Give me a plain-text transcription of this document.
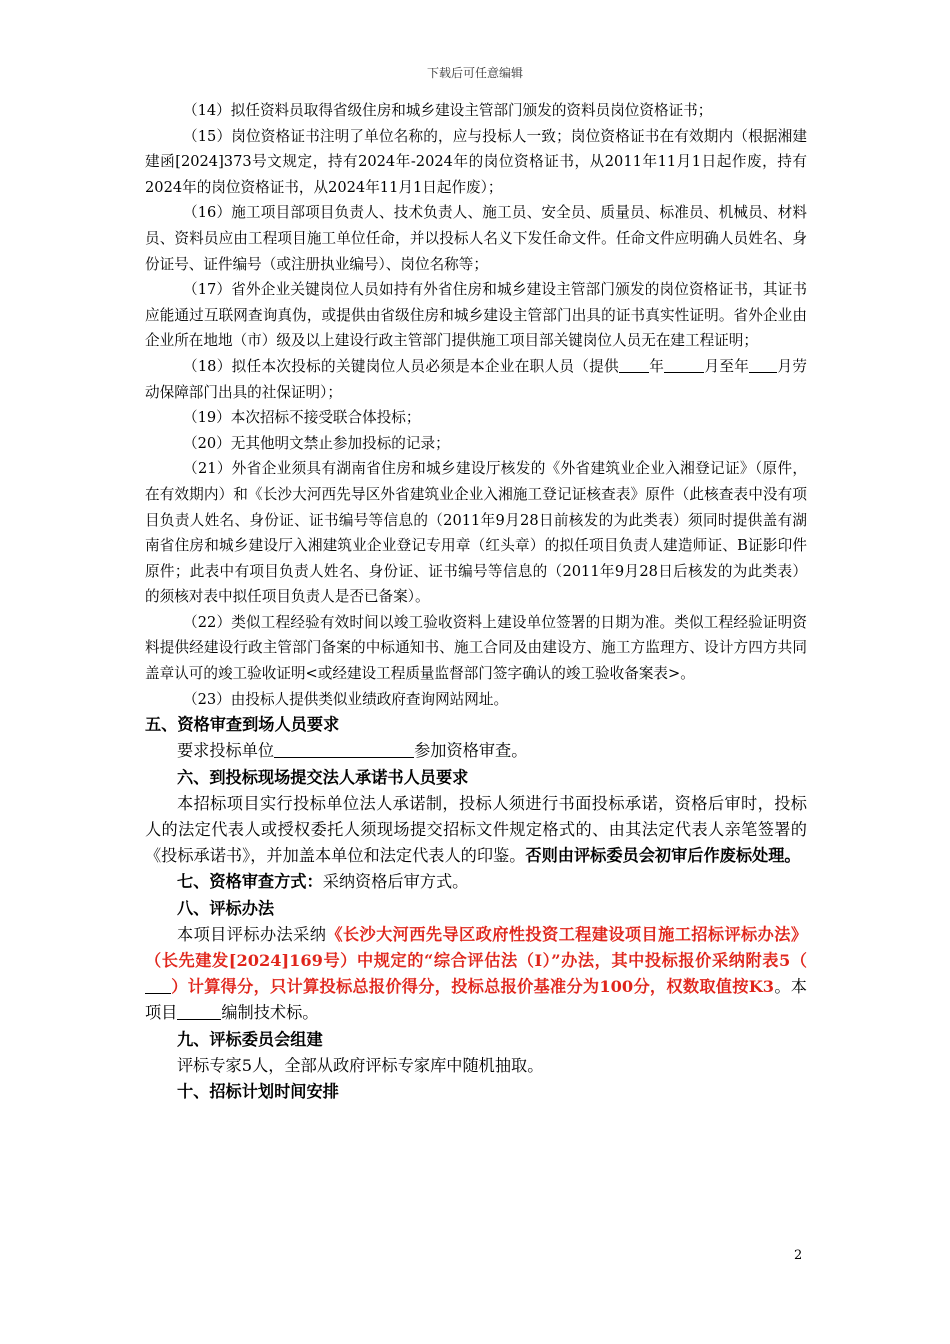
下载后可任意编辑

（14）拟任资料员取得省级住房和城乡建设主管部门颁发的资料员岗位资格证书；

（15）岗位资格证书注明了单位名称的，应与投标人一致；岗位资格证书在有效期内（根据湘建建函[2024]373号文规定，持有2024年-2024年的岗位资格证书，从2011年11月1日起作废，持有2024年的岗位资格证书，从2024年11月1日起作废）；

（16）施工项目部项目负责人、技术负责人、施工员、安全员、质量员、标准员、机械员、材料员、资料员应由工程项目施工单位任命，并以投标人名义下发任命文件。任命文件应明确人员姓名、身份证号、证件编号（或注册执业编号）、岗位名称等；

（17）省外企业关键岗位人员如持有外省住房和城乡建设主管部门颁发的岗位资格证书，其证书应能通过互联网查询真伪，或提供由省级住房和城乡建设主管部门出具的证书真实性证明。省外企业由企业所在地地（市）级及以上建设行政主管部门提供施工项目部关键岗位人员无在建工程证明；

（18）拟任本次投标的关键岗位人员必须是本企业在职人员（提供 年	月至年 月劳动保障部门出具的社保证明）；

（19）本次招标不接受联合体投标；

（20）无其他明文禁止参加投标的记录；

（21）外省企业须具有湖南省住房和城乡建设厅核发的《外省建筑业企业入湘登记证》（原件，在有效期内）和《长沙大河西先导区外省建筑业企业入湘施工登记证核查表》原件（此核查表中没有项目负责人姓名、身份证、证书编号等信息的（2011年9月28日前核发的为此类表）须同时提供盖有湖南省住房和城乡建设厅入湘建筑业企业登记专用章（红头章）的拟任项目负责人建造师证、B证影印件原件；此表中有项目负责人姓名、身份证、证书编号等信息的（2011年9月28日后核发的为此类表）的须核对表中拟任项目负责人是否已备案）。

（22）类似工程经验有效时间以竣工验收资料上建设单位签署的日期为准。类似工程经验证明资料提供经建设行政主管部门备案的中标通知书、施工合同及由建设方、施工方监理方、设计方四方共同盖章认可的竣工验收证明<或经建设工程质量监督部门签字确认的竣工验收备案表>。

（23）由投标人提供类似业绩政府查询网站网址。

五、资格审查到场人员要求

要求投标单位	参加资格审查。

六、到投标现场提交法人承诺书人员要求

本招标项目实行投标单位法人承诺制，投标人须进行书面投标承诺，资格后审时，投标人的法定代表人或授权委托人须现场提交招标文件规定格式的、由其法定代表人亲笔签署的《投标承诺书》，并加盖本单位和法定代表人的印鉴。否则由评标委员会初审后作废标处理。

七、资格审查方式：采纳资格后审方式。

八、评标办法

本项目评标办法采纳《长沙大河西先导区政府性投资工程建设项目施工招标评标办法》（长先建发[2024]169号）中规定的“综合评估法（Ⅰ）”办法，其中投标报价采纳附表5（）计算得分，只计算投标总报价得分，投标总报价基准分为100分，权数取值按K3。本项目	编制技术标。

九、评标委员会组建

评标专家5人，全部从政府评标专家库中随机抽取。

十、招标计划时间安排

2
